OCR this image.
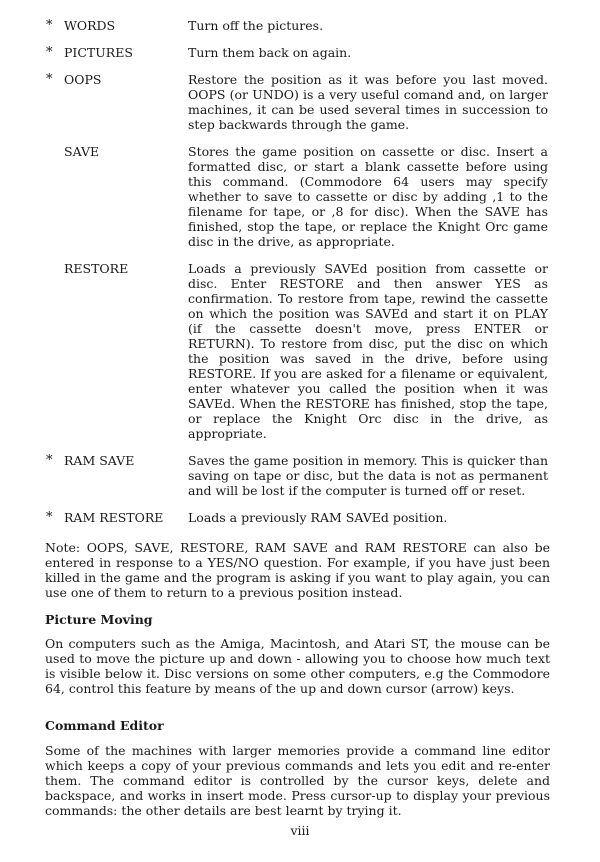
* WORDS	Turn off the pictures.
* PICTURES	Turn them back on again.
* OOPS	Restore the position as it was before you last moved. OOPS (or UNDO) is a very useful comand and, on larger machines, it can be used several times in succession to step backwards through the game.
SAVE	Stores the game position on cassette or disc. Insert a formatted disc, or start a blank cassette before using this command. (Commodore 64 users may specify whether to save to cassette or disc by adding ,1 to the filename for tape, or ,8 for disc). When the SAVE has finished, stop the tape, or replace the Knight Orc game disc in the drive, as appropriate.
RESTORE	Loads a previously SAVEd position from cassette or disc. Enter RESTORE and then answer YES as confirmation. To restore from tape, rewind the cassette on which the position was SAVEd and start it on PLAY (if the cassette doesn't move, press ENTER or RETURN). To restore from disc, put the disc on which the position was saved in the drive, before using RESTORE. If you are asked for a filename or equivalent, enter whatever you called the position when it was SAVEd. When the RESTORE has finished, stop the tape, or replace the Knight Orc disc in the drive, as appropriate.
* RAM SAVE	Saves the game position in memory. This is quicker than saving on tape or disc, but the data is not as permanent and will be lost if the computer is turned off or reset.
* RAM RESTORE Loads a previously RAM SAVEd position.
Note: OOPS, SAVE, RESTORE, RAM SAVE and RAM RESTORE can also be entered in response to a YES/NO question. For example, if you have just been killed in the game and the program is asking if you want to play again, you can use one of them to return to a previous position instead.
Picture Moving
On computers such as the Amiga, Macintosh, and Atari ST, the mouse can be used to move the picture up and down - allowing you to choose how much text is visible below it. Disc versions on some other computers, e.g the Commodore 64, control this feature by means of the up and down cursor (arrow) keys.
Command Editor
Some of the machines with larger memories provide a command line editor which keeps a copy of your previous commands and lets you edit and re-enter them. The command editor is controlled by the cursor keys, delete and backspace, and works in insert mode. Press cursor-up to display your previous commands: the other details are best learnt by trying it.
viii
